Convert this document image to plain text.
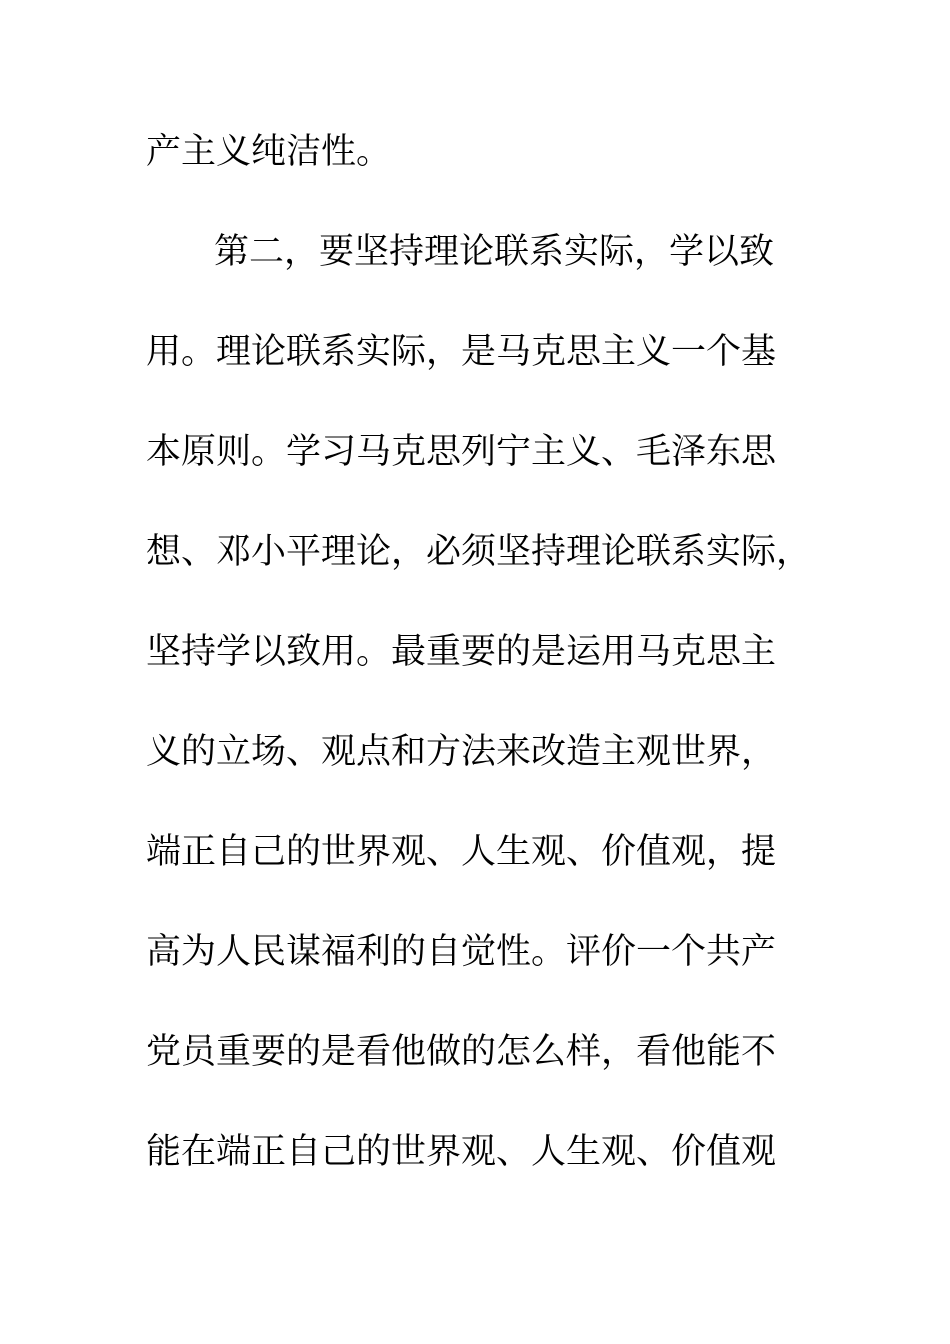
产主义纯洁性。
第二，要坚持理论联系实际，学以致
用。理论联系实际，是马克思主义一个基
本原则。学习马克思列宁主义、毛泽东思
想、邓小平理论，必须坚持理论联系实际，
坚持学以致用。最重要的是运用马克思主
义的立场、观点和方法来改造主观世界，
端正自己的世界观、人生观、价值观，提
高为人民谋福利的自觉性。评价一个共产
党员重要的是看他做的怎么样，看他能不
能在端正自己的世界观、人生观、价值观
